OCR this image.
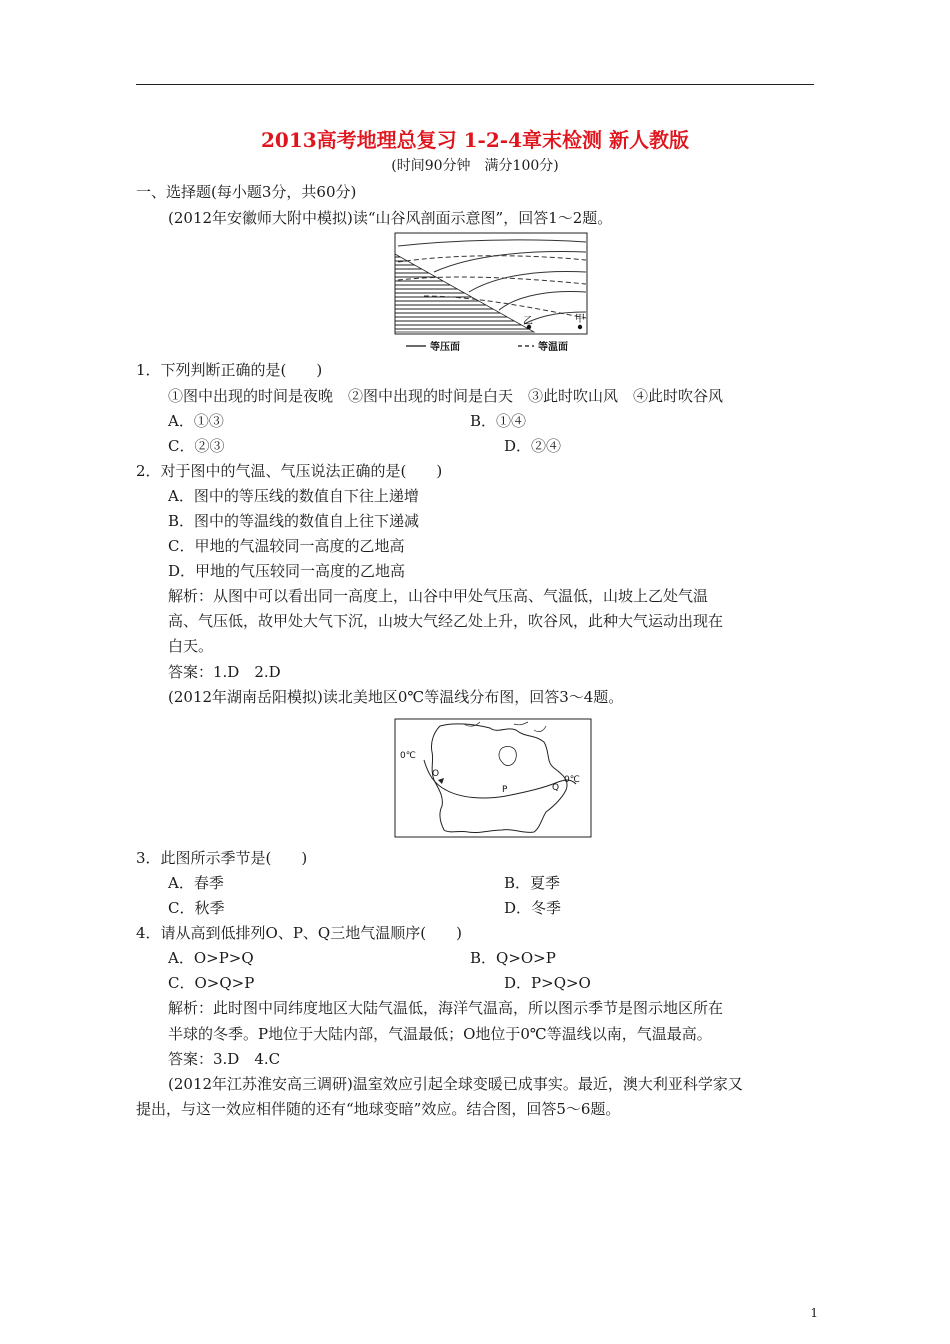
2013高考地理总复习 1-2-4章末检测 新人教版
(时间90分钟　满分100分)
一、选择题(每小题3分，共60分)
(2012年安徽师大附中模拟)读“山谷风剖面示意图”，回答1～2题。
乙	甲
等压面	等温面
1．下列判断正确的是(　　)
①图中出现的时间是夜晚　②图中出现的时间是白天　③此时吹山风　④此时吹谷风
A．①③	B．①④
C．②③	D．②④
2．对于图中的气温、气压说法正确的是(　　)
A．图中的等压线的数值自下往上递增
B．图中的等温线的数值自上往下递减
C．甲地的气温较同一高度的乙地高
D．甲地的气压较同一高度的乙地高
解析：从图中可以看出同一高度上，山谷中甲处气压高、气温低，山坡上乙处气温
高、气压低，故甲处大气下沉，山坡大气经乙处上升，吹谷风，此种大气运动出现在
白天。
答案：1.D　2.D
(2012年湖南岳阳模拟)读北美地区0℃等温线分布图，回答3～4题。
0℃
0℃
O
P	Q
3．此图所示季节是(　　)
A．春季	B．夏季
C．秋季	D．冬季
4．请从高到低排列O、P、Q三地气温顺序(　　)
A．O>P>Q	B．Q>O>P
C．O>Q>P	D．P>Q>O
解析：此时图中同纬度地区大陆气温低，海洋气温高，所以图示季节是图示地区所在
半球的冬季。P地位于大陆内部，气温最低；O地位于0℃等温线以南，气温最高。
答案：3.D　4.C
(2012年江苏淮安高三调研)温室效应引起全球变暖已成事实。最近，澳大利亚科学家又
提出，与这一效应相伴随的还有“地球变暗”效应。结合图，回答5～6题。
1
